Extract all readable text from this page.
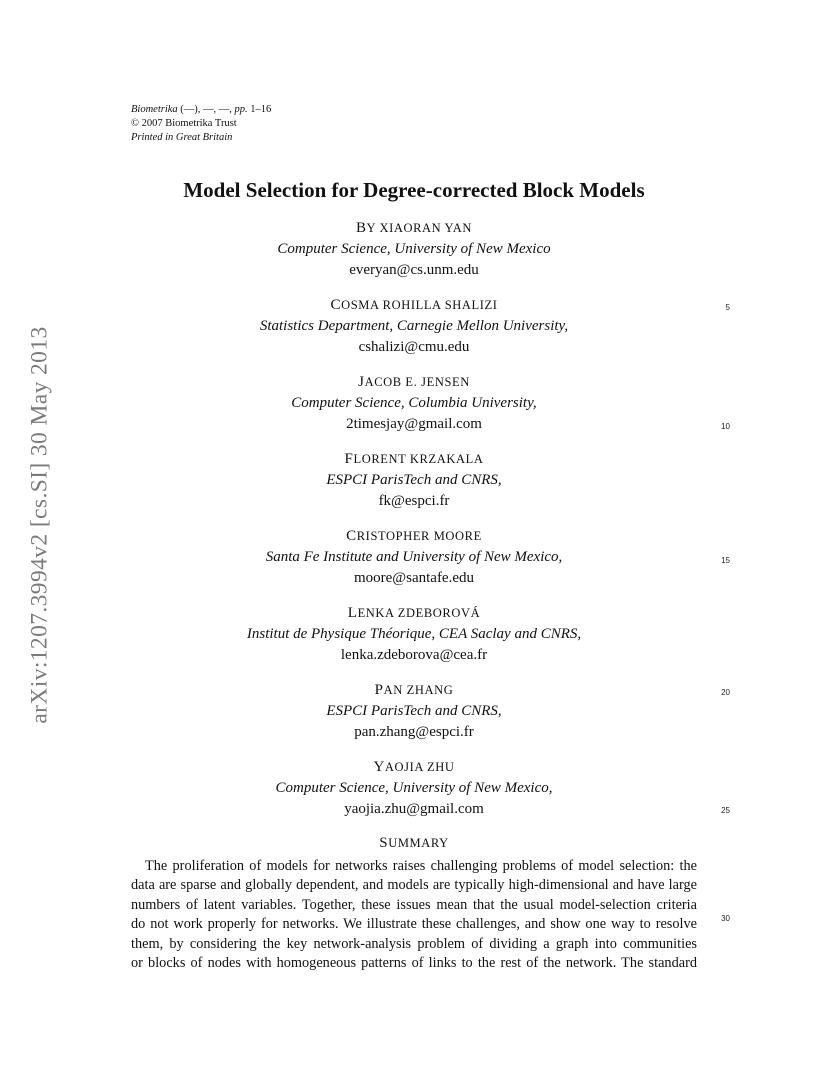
Biometrika (—), —, —, pp. 1–16
© 2007 Biometrika Trust
Printed in Great Britain
arXiv:1207.3994v2 [cs.SI] 30 May 2013
Model Selection for Degree-corrected Block Models
BY XIAORAN YAN
Computer Science, University of New Mexico
everyan@cs.unm.edu
COSMA ROHILLA SHALIZI
Statistics Department, Carnegie Mellon University,
cshalizi@cmu.edu
JACOB E. JENSEN
Computer Science, Columbia University,
2timesjay@gmail.com
FLORENT KRZAKALA
ESPCI ParisTech and CNRS,
fk@espci.fr
CRISTOPHER MOORE
Santa Fe Institute and University of New Mexico,
moore@santafe.edu
LENKA ZDEBOROVÁ
Institut de Physique Théorique, CEA Saclay and CNRS,
lenka.zdeborova@cea.fr
PAN ZHANG
ESPCI ParisTech and CNRS,
pan.zhang@espci.fr
YAOJIA ZHU
Computer Science, University of New Mexico,
yaojia.zhu@gmail.com
5
10
15
20
25
30
SUMMARY
The proliferation of models for networks raises challenging problems of model selection: the
data are sparse and globally dependent, and models are typically high-dimensional and have large
numbers of latent variables. Together, these issues mean that the usual model-selection criteria
do not work properly for networks. We illustrate these challenges, and show one way to resolve
them, by considering the key network-analysis problem of dividing a graph into communities
or blocks of nodes with homogeneous patterns of links to the rest of the network. The standard
